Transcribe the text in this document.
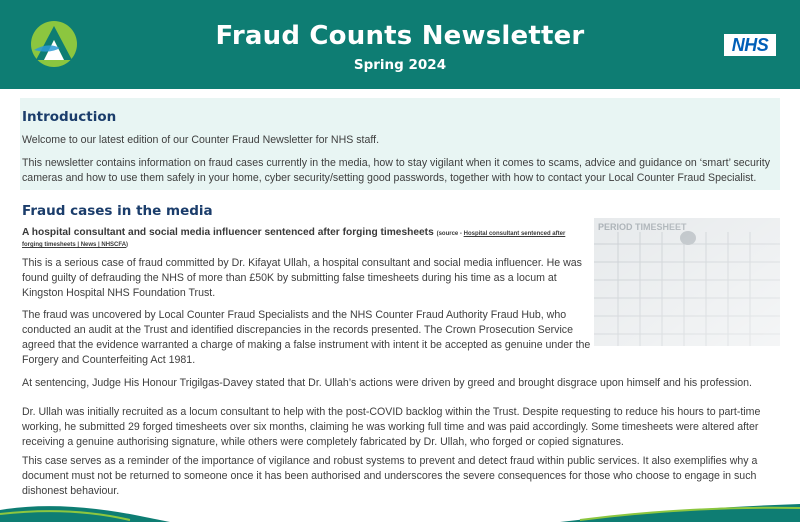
Fraud Counts Newsletter
Spring 2024
NHS
Introduction

Welcome to our latest edition of our Counter Fraud Newsletter for NHS staff.

This newsletter contains information on fraud cases currently in the media, how to stay vigilant when it comes to scams, advice and guidance on ‘smart’ security cameras and how to use them safely in your home, cyber security/setting good passwords, together with how to contact your Local Counter Fraud Specialist.

Fraud cases in the media
A hospital consultant and social media influencer sentenced after forging timesheets (source - Hospital consultant sentenced after forging timesheets | News | NHSCFA)

This is a serious case of fraud committed by Dr. Kifayat Ullah, a hospital consultant and social media influencer. He was found guilty of defrauding the NHS of more than £50K by submitting false timesheets during his time as a locum at Kingston Hospital NHS Foundation Trust.

The fraud was uncovered by Local Counter Fraud Specialists and the NHS Counter Fraud Authority Fraud Hub, who conducted an audit at the Trust and identified discrepancies in the records presented. The Crown Prosecution Service agreed that the evidence warranted a charge of making a false instrument with intent it be accepted as genuine under the Forgery and Counterfeiting Act 1981.

At sentencing, Judge His Honour Trigilgas-Davey stated that Dr. Ullah’s actions were driven by greed and brought disgrace upon himself and his profession.

Dr. Ullah was initially recruited as a locum consultant to help with the post-COVID backlog within the Trust. Despite requesting to reduce his hours to part-time working, he submitted 29 forged timesheets over six months, claiming he was working full time and was paid accordingly. Some timesheets were altered after receiving a genuine authorising signature, while others were completely fabricated by Dr. Ullah, who forged or copied signatures.

This case serves as a reminder of the importance of vigilance and robust systems to prevent and detect fraud within public services. It also exemplifies why a document must not be returned to someone once it has been authorised and underscores the severe consequences for those who choose to engage in such dishonest behaviour.
